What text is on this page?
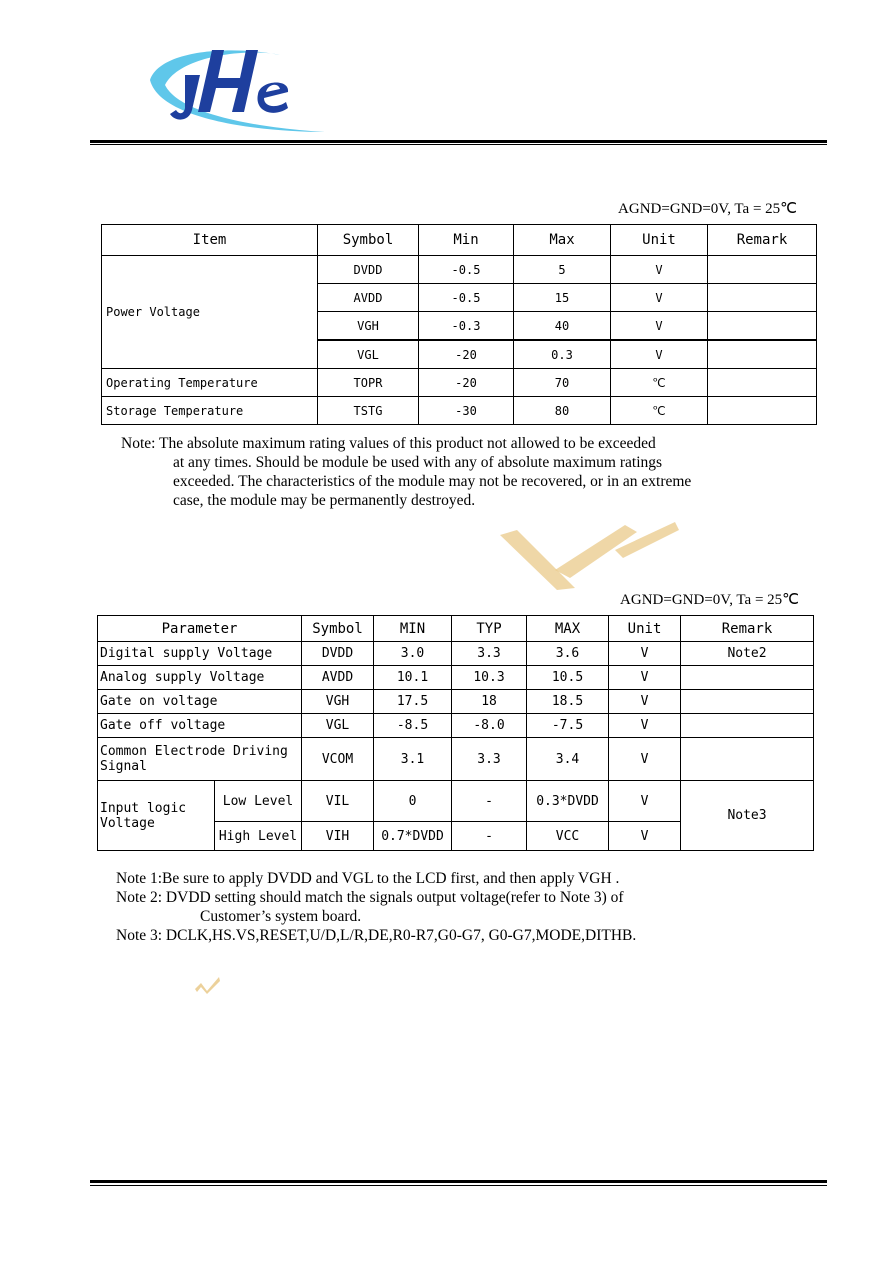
AGND=GND=0V, Ta = 25℃
Item	Symbol	Min	Max	Unit	Remark
Power Voltage	DVDD	-0.5	5	V	
	AVDD	-0.5	15	V	
	VGH	-0.3	40	V	
	VGL	-20	0.3	V	
Operating Temperature	TOPR	-20	70	℃	
Storage Temperature	TSTG	-30	80	℃	
Note: The absolute maximum rating values of this product not allowed to be exceeded
at any times. Should be module be used with any of absolute maximum ratings
exceeded. The characteristics of the module may not be recovered, or in an extreme
case, the module may be permanently destroyed.
AGND=GND=0V, Ta = 25℃
Parameter		Symbol	MIN	TYP	MAX	Unit	Remark
Digital supply Voltage		DVDD	3.0	3.3	3.6	V	Note2
Analog supply Voltage		AVDD	10.1	10.3	10.5	V	
Gate on voltage		VGH	17.5	18	18.5	V	
Gate off voltage		VGL	-8.5	-8.0	-7.5	V	

Common Electrode Driving
Signal		VCOM	3.1	3.3	3.4	V	

Input logic
Voltage	Low Level	VIL	0	-	0.3*DVDD	V	Note3
	High Level	VIH	0.7*DVDD	-	VCC	V	
Note 1:Be sure to apply DVDD and VGL to the LCD first, and then apply VGH .
Note 2: DVDD setting should match the signals output voltage(refer to Note 3) of
Customer’s system board.
Note 3: DCLK,HS.VS,RESET,U/D,L/R,DE,R0-R7,G0-G7, G0-G7,MODE,DITHB.
